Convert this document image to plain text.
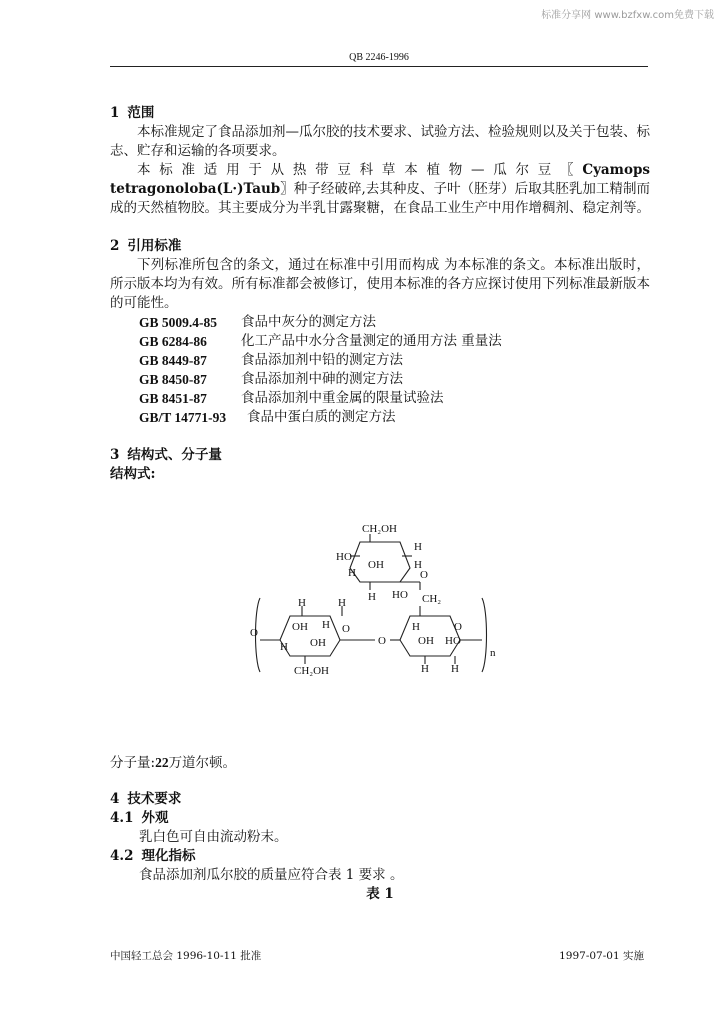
标准分享网 www.bzfxw.com免费下载
QB 2246-1996
1 范围

本标准规定了食品添加剂—瓜尔胶的技术要求、试验方法、检验规则以及关于包装、标志、贮存和运输的各项要求。

本标准适用于从热带豆科草本植物—瓜尔豆〖Cyamops tetragonoloba(L·)Taub〗种子经破碎,去其种皮、子叶（胚芽）后取其胚乳加工精制而成的天然植物胶。其主要成分为半乳甘露聚糖，在食品工业生产中用作增稠剂、稳定剂等。

2 引用标准

下列标准所包含的条文，通过在标准中引用而构成 为本标准的条文。本标准出版时，所示版本均为有效。所有标准都会被修订，使用本标准的各方应探讨使用下列标准最新版本的可能性。

GB 5009.4-85	食品中灰分的测定方法
GB 6284-86	化工产品中水分含量测定的通用方法 重量法
GB 8449-87	食品添加剂中铅的测定方法
GB 8450-87	食品添加剂中砷的测定方法
GB 8451-87	食品添加剂中重金属的限量试验法
GB/T 14771-93	食品中蛋白质的测定方法
3 结构式、分子量
结构式:
CH₂OH
HO
H
H
OH
H	O
H HO CH₂
H	H
OH H
H
O
O
OH	O
CH₂OH
H	O
OH HO
H H
n
分子量:22万道尔顿。
4 技术要求
4.1 外观
乳白色可自由流动粉末。
4.2 理化指标
食品添加剂瓜尔胶的质量应符合表 1 要求 。
表 1
中国轻工总会 1996-10-11 批准	1997-07-01 实施
